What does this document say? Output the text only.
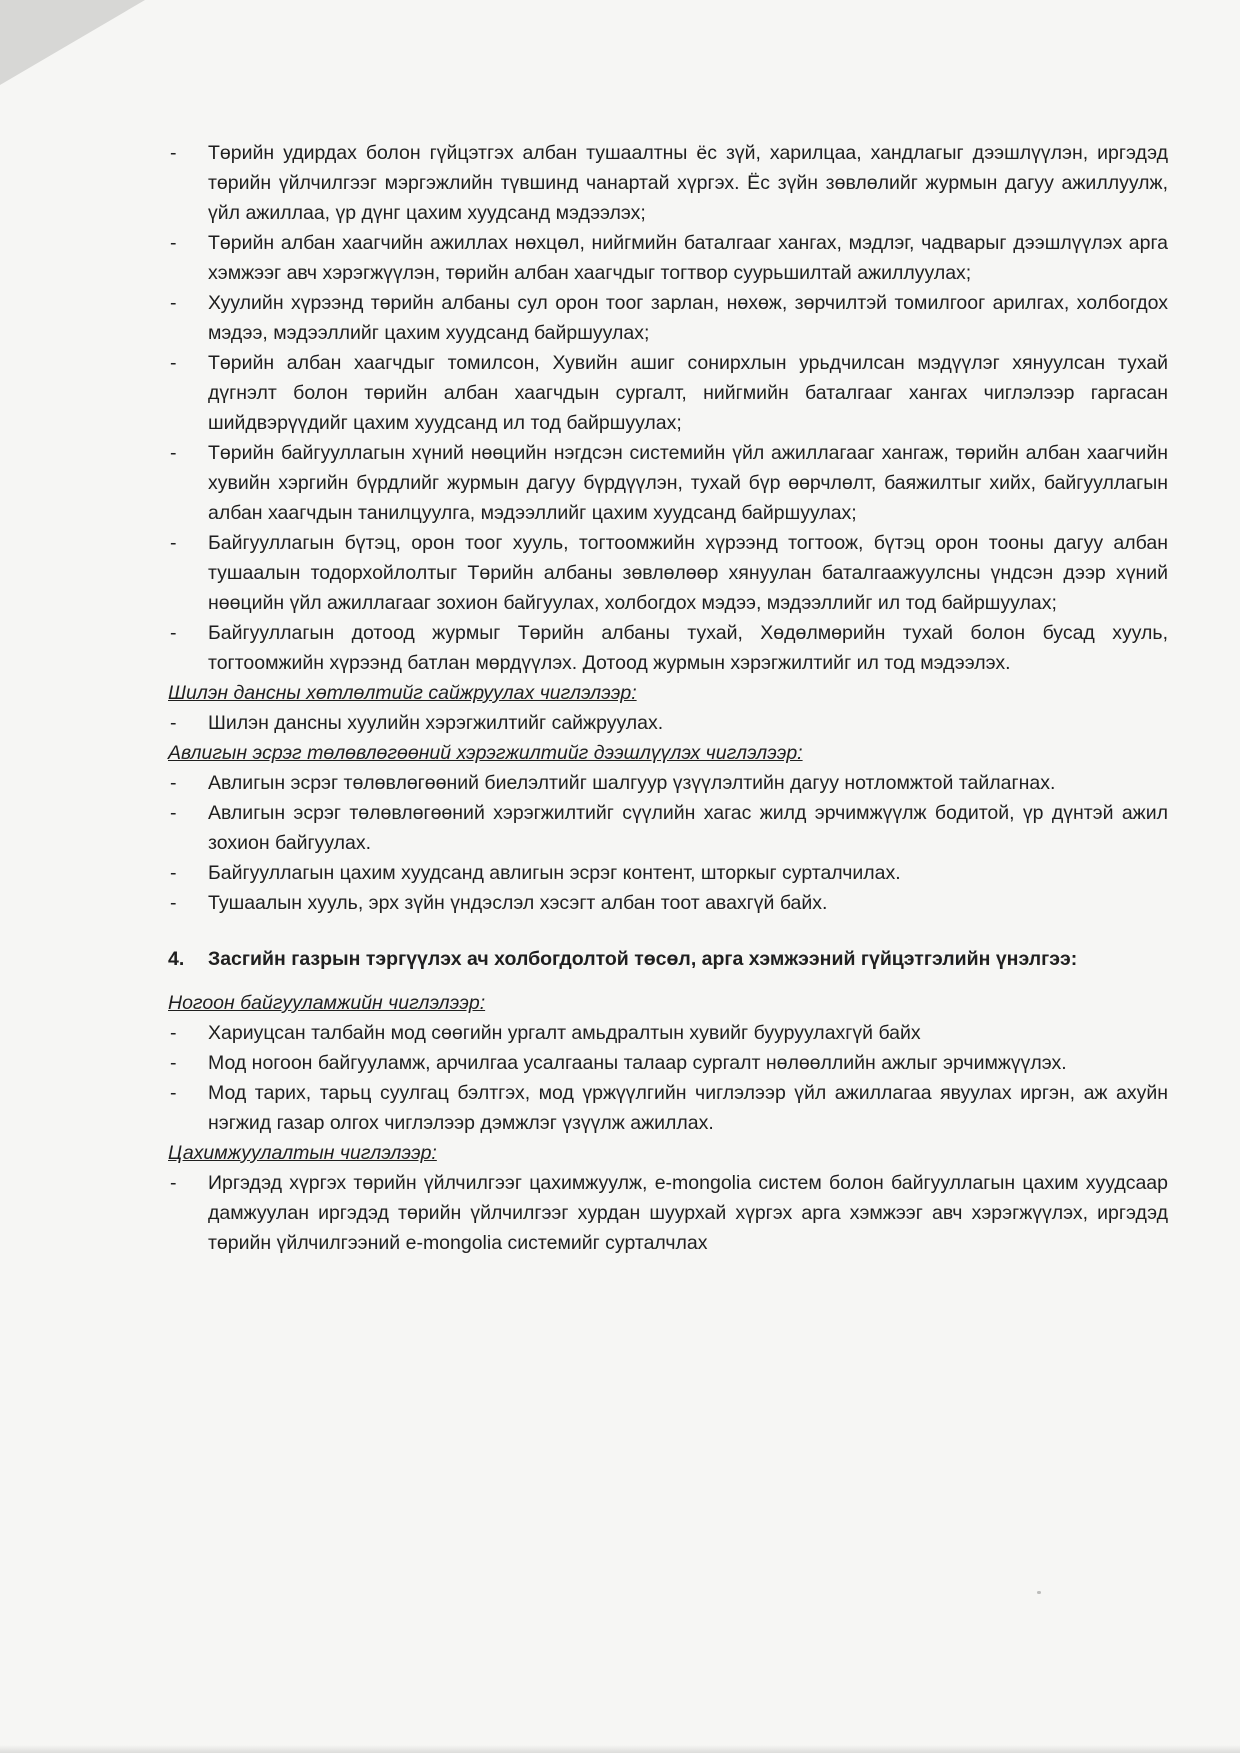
- Төрийн удирдах болон гүйцэтгэх албан тушаалтны ёс зүй, харилцаа, хандлагыг дээшлүүлэн, иргэдэд төрийн үйлчилгээг мэргэжлийн түвшинд чанартай хүргэх. Ёс зүйн зөвлөлийг журмын дагуу ажиллуулж, үйл ажиллаа, үр дүнг цахим хуудсанд мэдээлэх;
- Төрийн албан хаагчийн ажиллах нөхцөл, нийгмийн баталгааг хангах, мэдлэг, чадварыг дээшлүүлэх арга хэмжээг авч хэрэгжүүлэн, төрийн албан хаагчдыг тогтвор суурьшилтай ажиллуулах;
- Хуулийн хүрээнд төрийн албаны сул орон тоог зарлан, нөхөж, зөрчилтэй томилгоог арилгах, холбогдох мэдээ, мэдээллийг цахим хуудсанд байршуулах;
- Төрийн албан хаагчдыг томилсон, Хувийн ашиг сонирхлын урьдчилсан мэдүүлэг хянуулсан тухай дүгнэлт болон төрийн албан хаагчдын сургалт, нийгмийн баталгааг хангах чиглэлээр гаргасан шийдвэрүүдийг цахим хуудсанд ил тод байршуулах;
- Төрийн байгууллагын хүний нөөцийн нэгдсэн системийн үйл ажиллагааг хангаж, төрийн албан хаагчийн хувийн хэргийн бүрдлийг журмын дагуу бүрдүүлэн, тухай бүр өөрчлөлт, баяжилтыг хийх, байгууллагын албан хаагчдын танилцуулга, мэдээллийг цахим хуудсанд байршуулах;
- Байгууллагын бүтэц, орон тоог хууль, тогтоомжийн хүрээнд тогтоож, бүтэц орон тооны дагуу албан тушаалын тодорхойлолтыг Төрийн албаны зөвлөлөөр хянуулан баталгаажуулсны үндсэн дээр хүний нөөцийн үйл ажиллагааг зохион байгуулах, холбогдох мэдээ, мэдээллийг ил тод байршуулах;
- Байгууллагын дотоод журмыг Төрийн албаны тухай, Хөдөлмөрийн тухай болон бусад хууль, тогтоомжийн хүрээнд батлан мөрдүүлэх. Дотоод журмын хэрэгжилтийг ил тод мэдээлэх.
Шилэн дансны хөтлөлтийг сайжруулах чиглэлээр:
- Шилэн дансны хуулийн хэрэгжилтийг сайжруулах.
Авлигын эсрэг төлөвлөгөөний хэрэгжилтийг дээшлүүлэх чиглэлээр:
- Авлигын эсрэг төлөвлөгөөний биелэлтийг шалгуур үзүүлэлтийн дагуу нотломжтой тайлагнах.
- Авлигын эсрэг төлөвлөгөөний хэрэгжилтийг сүүлийн хагас жилд эрчимжүүлж бодитой, үр дүнтэй ажил зохион байгуулах.
- Байгууллагын цахим хуудсанд авлигын эсрэг контент, шторкыг сурталчилах.
- Тушаалын хууль, эрх зүйн үндэслэл хэсэгт албан тоот авахгүй байх.
4.	Засгийн газрын тэргүүлэх ач холбогдолтой төсөл, арга хэмжээний гүйцэтгэлийн үнэлгээ:
Ногоон байгууламжийн чиглэлээр:
- Хариуцсан талбайн мод сөөгийн ургалт амьдралтын хувийг бууруулахгүй байх
- Мод ногоон байгууламж, арчилгаа усалгааны талаар сургалт нөлөөллийн ажлыг эрчимжүүлэх.
- Мод тарих, тарьц суулгац бэлтгэх, мод үржүүлгийн чиглэлээр үйл ажиллагаа явуулах иргэн, аж ахуйн нэгжид газар олгох чиглэлээр дэмжлэг үзүүлж ажиллах.
Цахимжуулалтын чиглэлээр:
- Иргэдэд хүргэх төрийн үйлчилгээг цахимжуулж, e-mongolia систем болон байгууллагын цахим хуудсаар дамжуулан иргэдэд төрийн үйлчилгээг хурдан шуурхай хүргэх арга хэмжээг авч хэрэгжүүлэх, иргэдэд төрийн үйлчилгээний e-mongolia системийг сурталчлах
